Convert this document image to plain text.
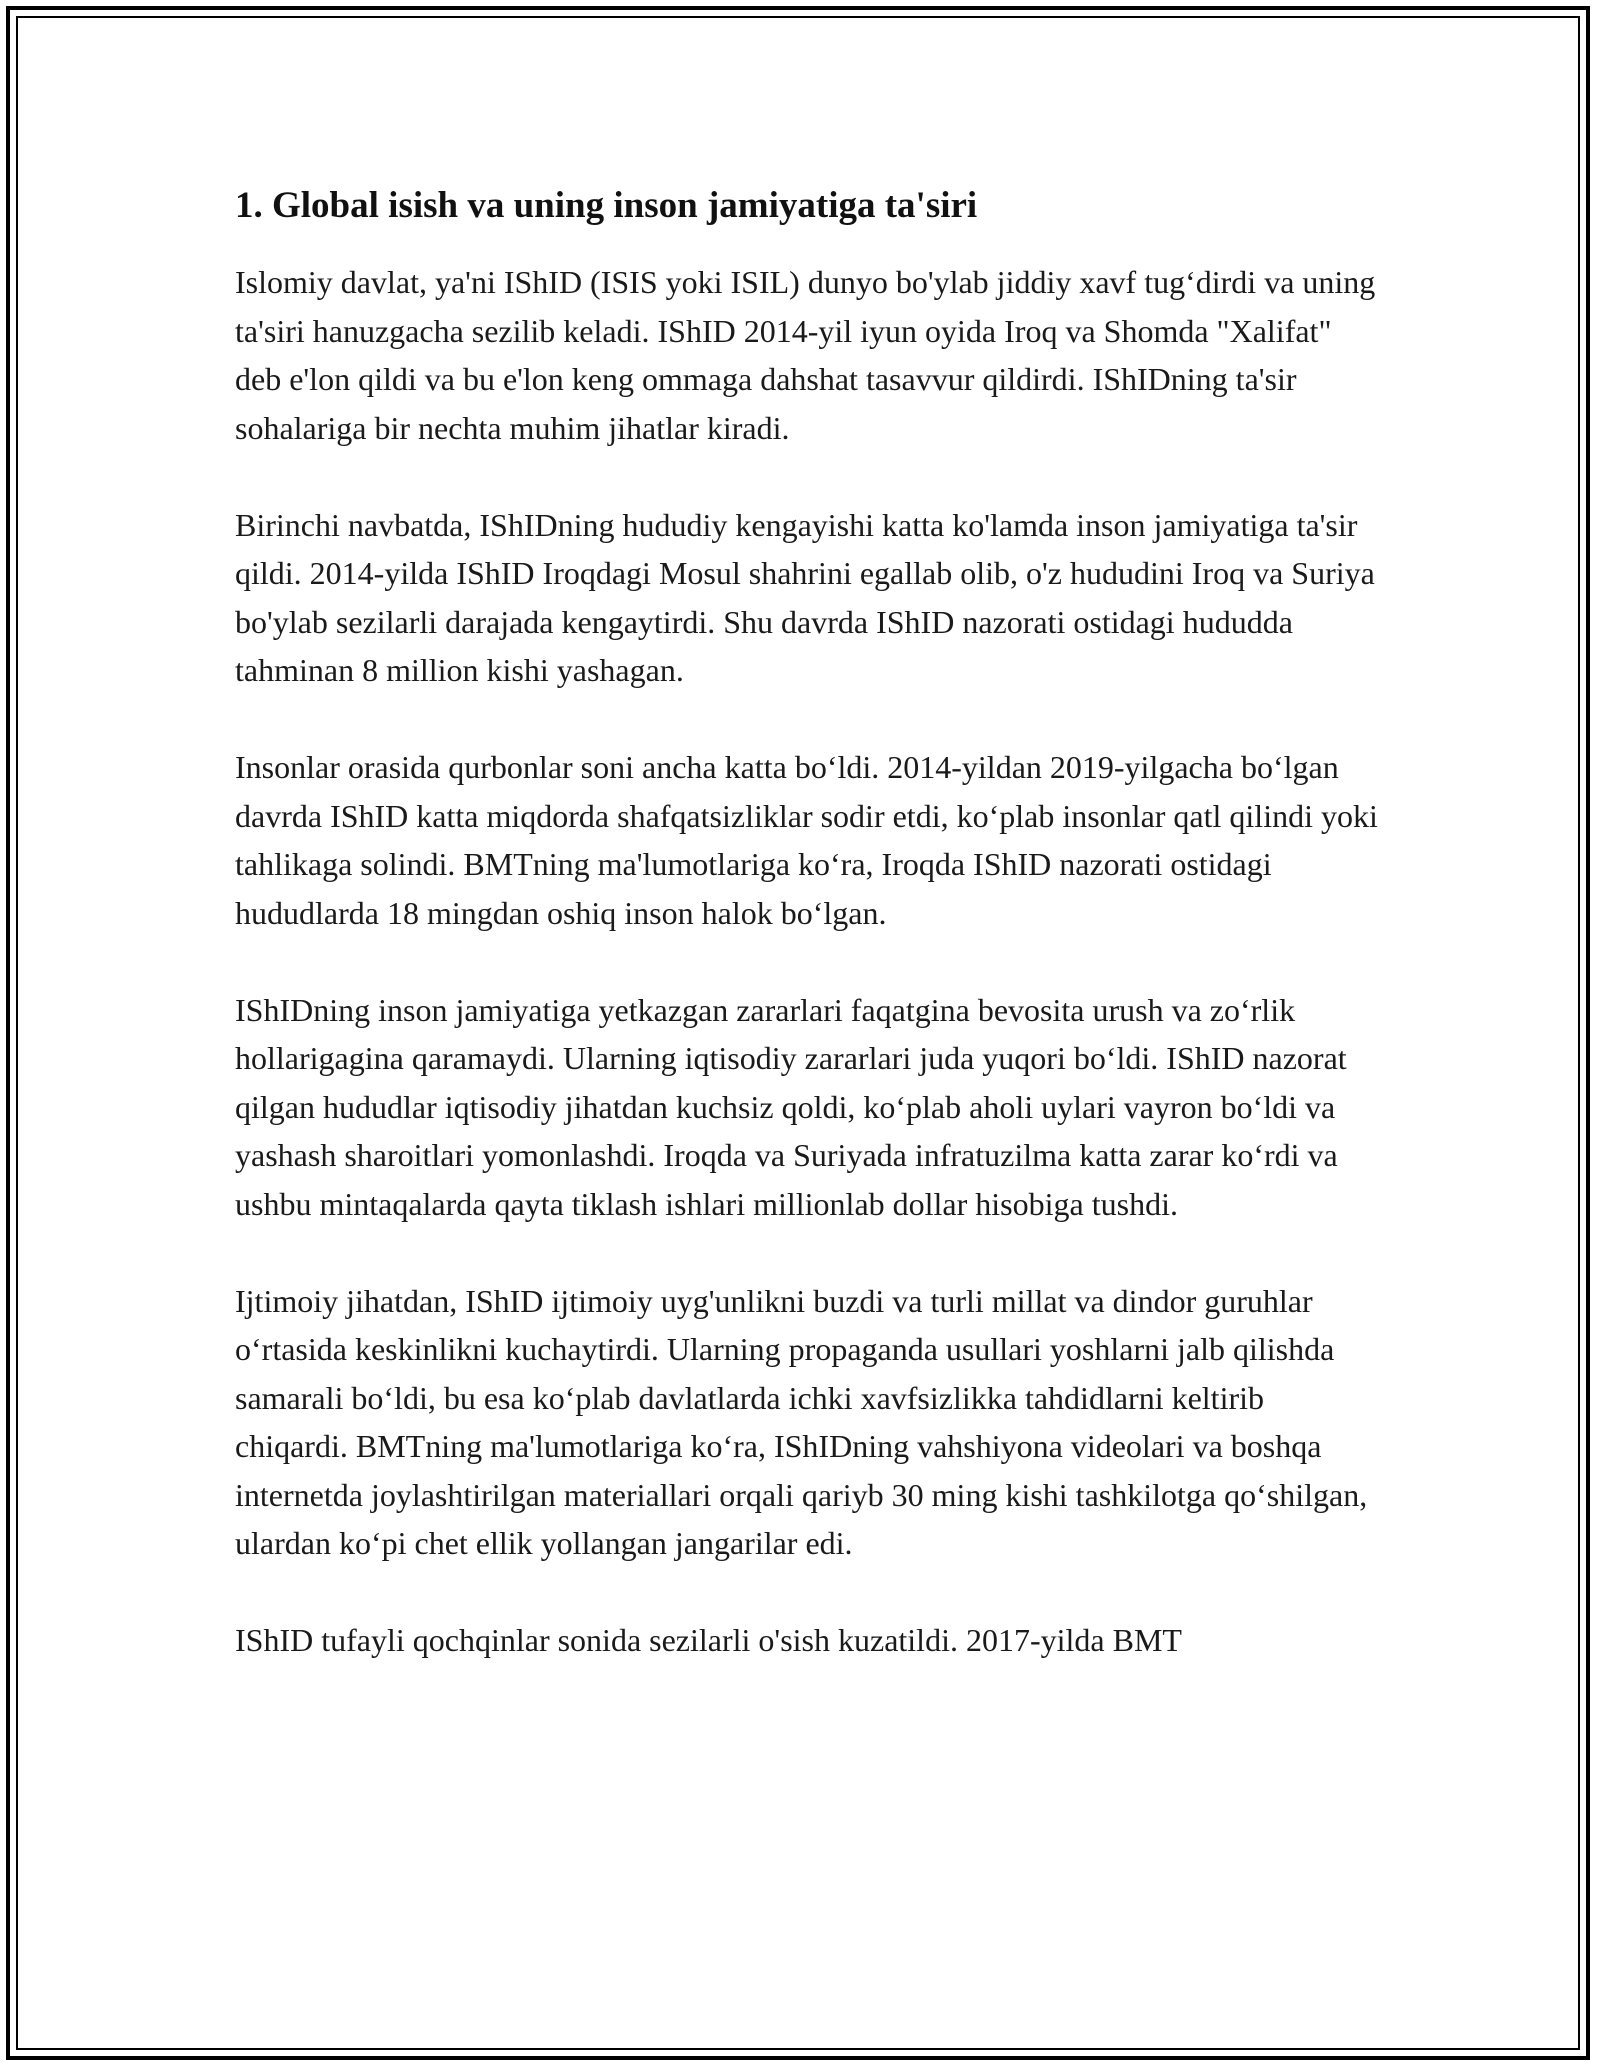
1. Global isish va uning inson jamiyatiga ta'siri

Islomiy davlat, ya'ni IShID (ISIS yoki ISIL) dunyo bo'ylab jiddiy xavf tug‘dirdi va uning ta'siri hanuzgacha sezilib keladi. IShID 2014-yil iyun oyida Iroq va Shomda "Xalifat" deb e'lon qildi va bu e'lon keng ommaga dahshat tasavvur qildirdi. IShIDning ta'sir sohalariga bir nechta muhim jihatlar kiradi.

Birinchi navbatda, IShIDning hududiy kengayishi katta ko'lamda inson jamiyatiga ta'sir qildi. 2014-yilda IShID Iroqdagi Mosul shahrini egallab olib, o'z hududini Iroq va Suriya bo'ylab sezilarli darajada kengaytirdi. Shu davrda IShID nazorati ostidagi hududda tahminan 8 million kishi yashagan.

Insonlar orasida qurbonlar soni ancha katta bo‘ldi. 2014-yildan 2019-yilgacha bo‘lgan davrda IShID katta miqdorda shafqatsizliklar sodir etdi, ko‘plab insonlar qatl qilindi yoki tahlikaga solindi. BMTning ma'lumotlariga ko‘ra, Iroqda IShID nazorati ostidagi hududlarda 18 mingdan oshiq inson halok bo‘lgan.

IShIDning inson jamiyatiga yetkazgan zararlari faqatgina bevosita urush va zo‘rlik hollarigagina qaramaydi. Ularning iqtisodiy zararlari juda yuqori bo‘ldi. IShID nazorat qilgan hududlar iqtisodiy jihatdan kuchsiz qoldi, ko‘plab aholi uylari vayron bo‘ldi va yashash sharoitlari yomonlashdi. Iroqda va Suriyada infratuzilma katta zarar ko‘rdi va ushbu mintaqalarda qayta tiklash ishlari millionlab dollar hisobiga tushdi.

Ijtimoiy jihatdan, IShID ijtimoiy uyg'unlikni buzdi va turli millat va dindor guruhlar o‘rtasida keskinlikni kuchaytirdi. Ularning propaganda usullari yoshlarni jalb qilishda samarali bo‘ldi, bu esa ko‘plab davlatlarda ichki xavfsizlikka tahdidlarni keltirib chiqardi. BMTning ma'lumotlariga ko‘ra, IShIDning vahshiyona videolari va boshqa internetda joylashtirilgan materiallari orqali qariyb 30 ming kishi tashkilotga qo‘shilgan, ulardan ko‘pi chet ellik yollangan jangarilar edi.

IShID tufayli qochqinlar sonida sezilarli o'sish kuzatildi. 2017-yilda BMT
